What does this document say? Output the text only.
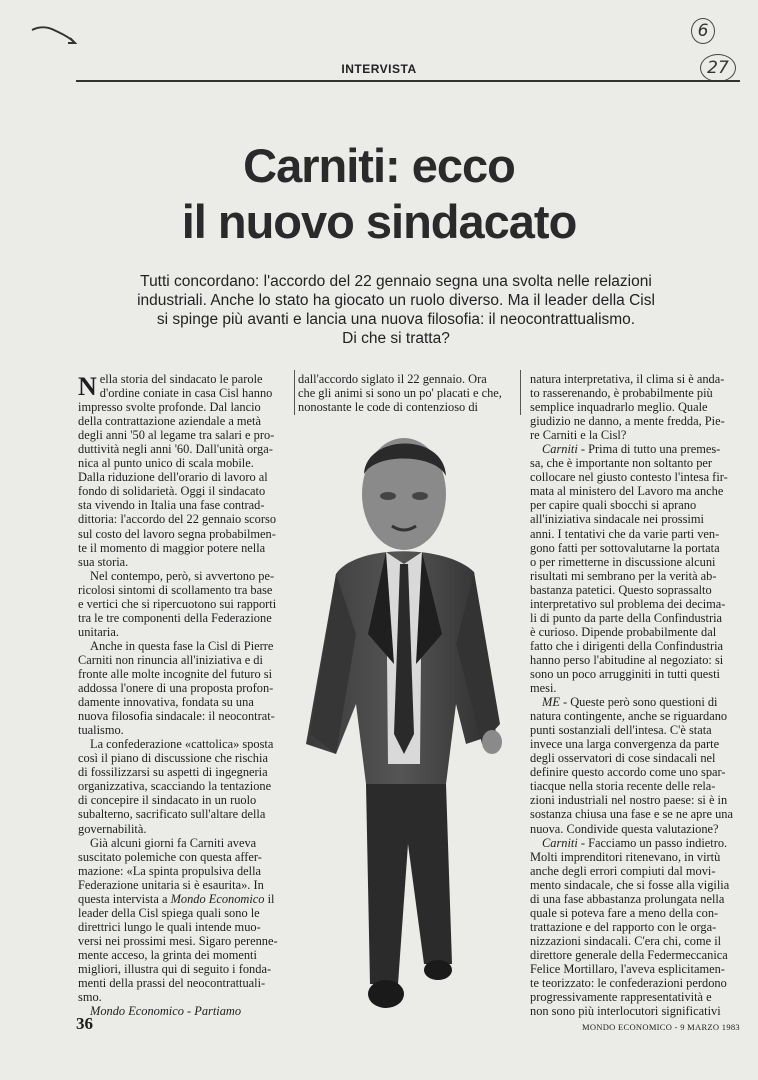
6
27
INTERVISTA
Carniti: ecco
il nuovo sindacato
Tutti concordano: l'accordo del 22 gennaio segna una svolta nelle relazioni
industriali. Anche lo stato ha giocato un ruolo diverso. Ma il leader della Cisl
si spinge più avanti e lancia una nuova filosofia: il neocontrattualismo.
Di che si tratta?
N ella storia del sindacato le parole
d'ordine coniate in casa Cisl hanno
impresso svolte profonde. Dal lancio
della contrattazione aziendale a metà
degli anni '50 al legame tra salari e pro-
duttività negli anni '60. Dall'unità orga-
nica al punto unico di scala mobile.
Dalla riduzione dell'orario di lavoro al
fondo di solidarietà. Oggi il sindacato
sta vivendo in Italia una fase contrad-
dittoria: l'accordo del 22 gennaio scorso
sul costo del lavoro segna probabilmen-
te il momento di maggior potere nella
sua storia.
Nel contempo, però, si avvertono pe-
ricolosi sintomi di scollamento tra base
e vertici che si ripercuotono sui rapporti
tra le tre componenti della Federazione
unitaria.
Anche in questa fase la Cisl di Pierre
Carniti non rinuncia all'iniziativa e di
fronte alle molte incognite del futuro si
addossa l'onere di una proposta profon-
damente innovativa, fondata su una
nuova filosofia sindacale: il neocontrat-
tualismo.
La confederazione «cattolica» sposta
così il piano di discussione che rischia
di fossilizzarsi su aspetti di ingegneria
organizzativa, scacciando la tentazione
di concepire il sindacato in un ruolo
subalterno, sacrificato sull'altare della
governabilità.
Già alcuni giorni fa Carniti aveva
suscitato polemiche con questa affer-
mazione: «La spinta propulsiva della
Federazione unitaria si è esaurita». In
questa intervista a Mondo Economico il
leader della Cisl spiega quali sono le
direttrici lungo le quali intende muo-
versi nei prossimi mesi. Sigaro perenne-
mente acceso, la grinta dei momenti
migliori, illustra qui di seguito i fonda-
menti della prassi del neocontrattuali-
smo.
Mondo Economico - Partiamo
dall'accordo siglato il 22 gennaio. Ora
che gli animi si sono un po' placati e che,
nonostante le code di contenzioso di
natura interpretativa, il clima si è anda-
to rasserenando, è probabilmente più
semplice inquadrarlo meglio. Quale
giudizio ne danno, a mente fredda, Pie-
re Carniti e la Cisl?
Carniti - Prima di tutto una premes-
sa, che è importante non soltanto per
collocare nel giusto contesto l'intesa fir-
mata al ministero del Lavoro ma anche
per capire quali sbocchi si aprano
all'iniziativa sindacale nei prossimi
anni. I tentativi che da varie parti ven-
gono fatti per sottovalutarne la portata
o per rimetterne in discussione alcuni
risultati mi sembrano per la verità ab-
bastanza patetici. Questo soprassalto
interpretativo sul problema dei decima-
li di punto da parte della Confindustria
è curioso. Dipende probabilmente dal
fatto che i dirigenti della Confindustria
hanno perso l'abitudine al negoziato: si
sono un poco arrugginiti in tutti questi
mesi.
ME - Queste però sono questioni di
natura contingente, anche se riguardano
punti sostanziali dell'intesa. C'è stata
invece una larga convergenza da parte
degli osservatori di cose sindacali nel
definire questo accordo come uno spar-
tiacque nella storia recente delle rela-
zioni industriali nel nostro paese: si è in
sostanza chiusa una fase e se ne apre una
nuova. Condivide questa valutazione?
Carniti - Facciamo un passo indietro.
Molti imprenditori ritenevano, in virtù
anche degli errori compiuti dal movi-
mento sindacale, che si fosse alla vigilia
di una fase abbastanza prolungata nella
quale si poteva fare a meno della con-
trattazione e del rapporto con le orga-
nizzazioni sindacali. C'era chi, come il
direttore generale della Federmeccanica
Felice Mortillaro, l'aveva esplicitamen-
te teorizzato: le confederazioni perdono
progressivamente rappresentatività e
non sono più interlocutori significativi
36	MONDO ECONOMICO - 9 MARZO 1983
